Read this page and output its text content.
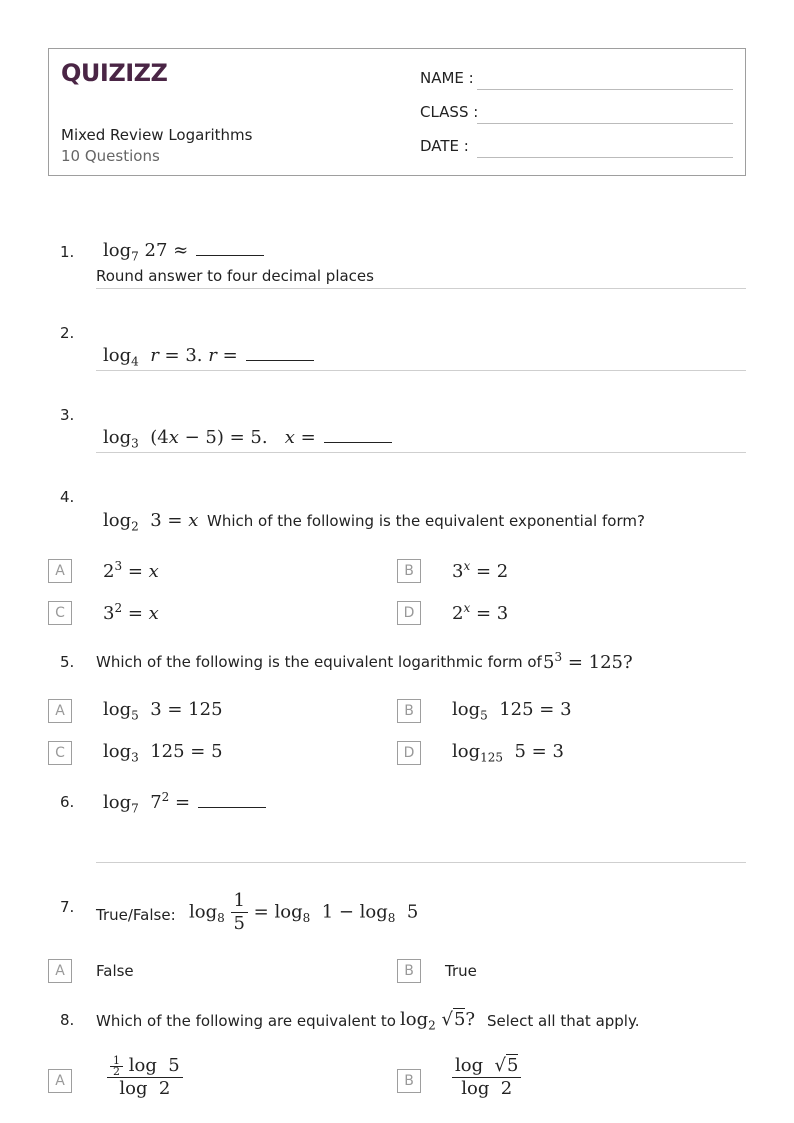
QUIZIZZ
Mixed Review Logarithms
10 Questions
NAME :
CLASS :
DATE :
1. $\log_7 27$ ≈
Round answer to four decimal places
2.
$\log_4 r = 3$. r =
3.
$\log_3 (4x - 5) = 5$.   x =
4.
$\log_2 3 = x$ Which of the following is the equivalent exponential form?
A	$2^3 = x$	B	$3^x = 2$
C	$3^2 = x$	D	$2^x = 3$
5. Which of the following is the equivalent logarithmic form of $5^3 = 125$?
A	$\log_5 3 = 125$	B	$\log_5 125 = 3$
C	$\log_3 125 = 5$	D	$\log_{125} 5 = 3$
6. $\log_7 7^2$ =
7. True/False: $\log_8 \frac{1}{5} = \log_8 1 - \log_8 5$
A	False	B	True
8. Which of the following are equivalent to $\log_2 √5$? Select all that apply.
A	$\frac{\frac{1}{2} \log 5}{\log 2}$	B	$\frac{\log √5}{\log 2}$
